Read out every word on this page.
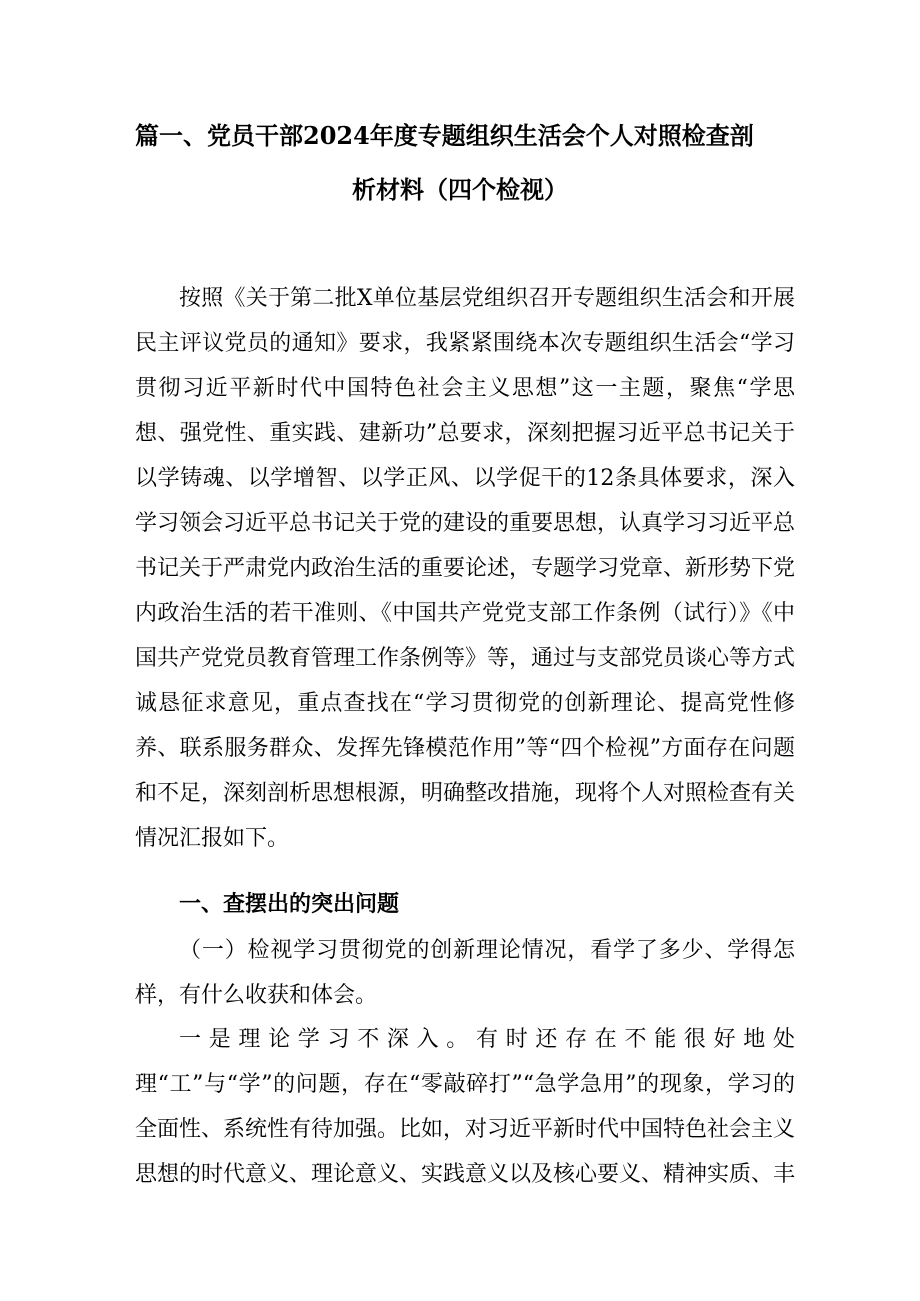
篇一、党员干部2024年度专题组织生活会个人对照检查剖
析材料（四个检视）

按照《关于第二批X单位基层党组织召开专题组织生活会和开展民主评议党员的通知》要求，我紧紧围绕本次专题组织生活会“学习贯彻习近平新时代中国特色社会主义思想”这一主题，聚焦“学思想、强党性、重实践、建新功”总要求，深刻把握习近平总书记关于以学铸魂、以学增智、以学正风、以学促干的12条具体要求，深入学习领会习近平总书记关于党的建设的重要思想，认真学习习近平总书记关于严肃党内政治生活的重要论述，专题学习党章、新形势下党内政治生活的若干准则、《中国共产党党支部工作条例（试行）》《中国共产党党员教育管理工作条例等》等，通过与支部党员谈心等方式诚恳征求意见，重点查找在“学习贯彻党的创新理论、提高党性修养、联系服务群众、发挥先锋模范作用”等“四个检视”方面存在问题和不足，深刻剖析思想根源，明确整改措施，现将个人对照检查有关情况汇报如下。

一、查摆出的突出问题

（一）检视学习贯彻党的创新理论情况，看学了多少、学得怎样，有什么收获和体会。

一是理论学习不深入。有时还存在不能很好地处理“工”与“学”的问题，存在“零敲碎打”“急学急用”的现象，学习的全面性、系统性有待加强。比如，对习近平新时代中国特色社会主义思想的时代意义、理论意义、实践意义以及核心要义、精神实质、丰
